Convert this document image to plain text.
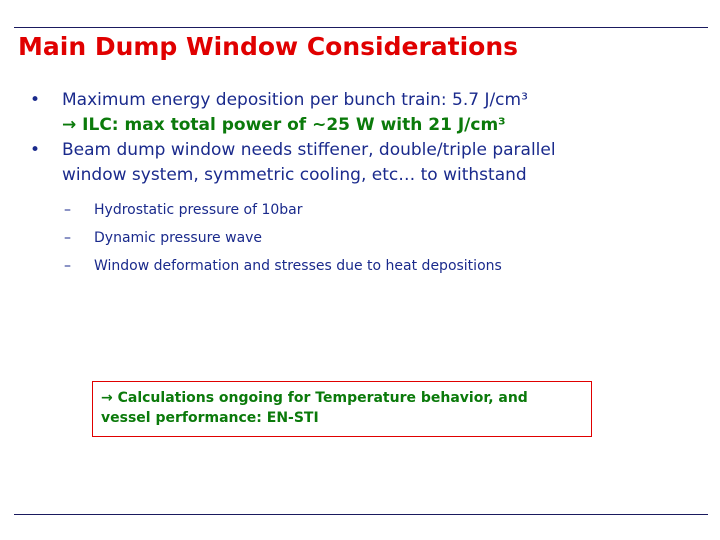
Main Dump Window Considerations
• Maximum energy deposition per bunch train: 5.7 J/cm³
→ ILC: max total power of ~25 W with 21 J/cm³
• Beam dump window needs stiffener, double/triple parallel
window system, symmetric cooling, etc… to withstand
– Hydrostatic pressure of 10bar
– Dynamic pressure wave
– Window deformation and stresses due to heat depositions
→ Calculations ongoing for Temperature behavior, and
vessel performance: EN-STI
